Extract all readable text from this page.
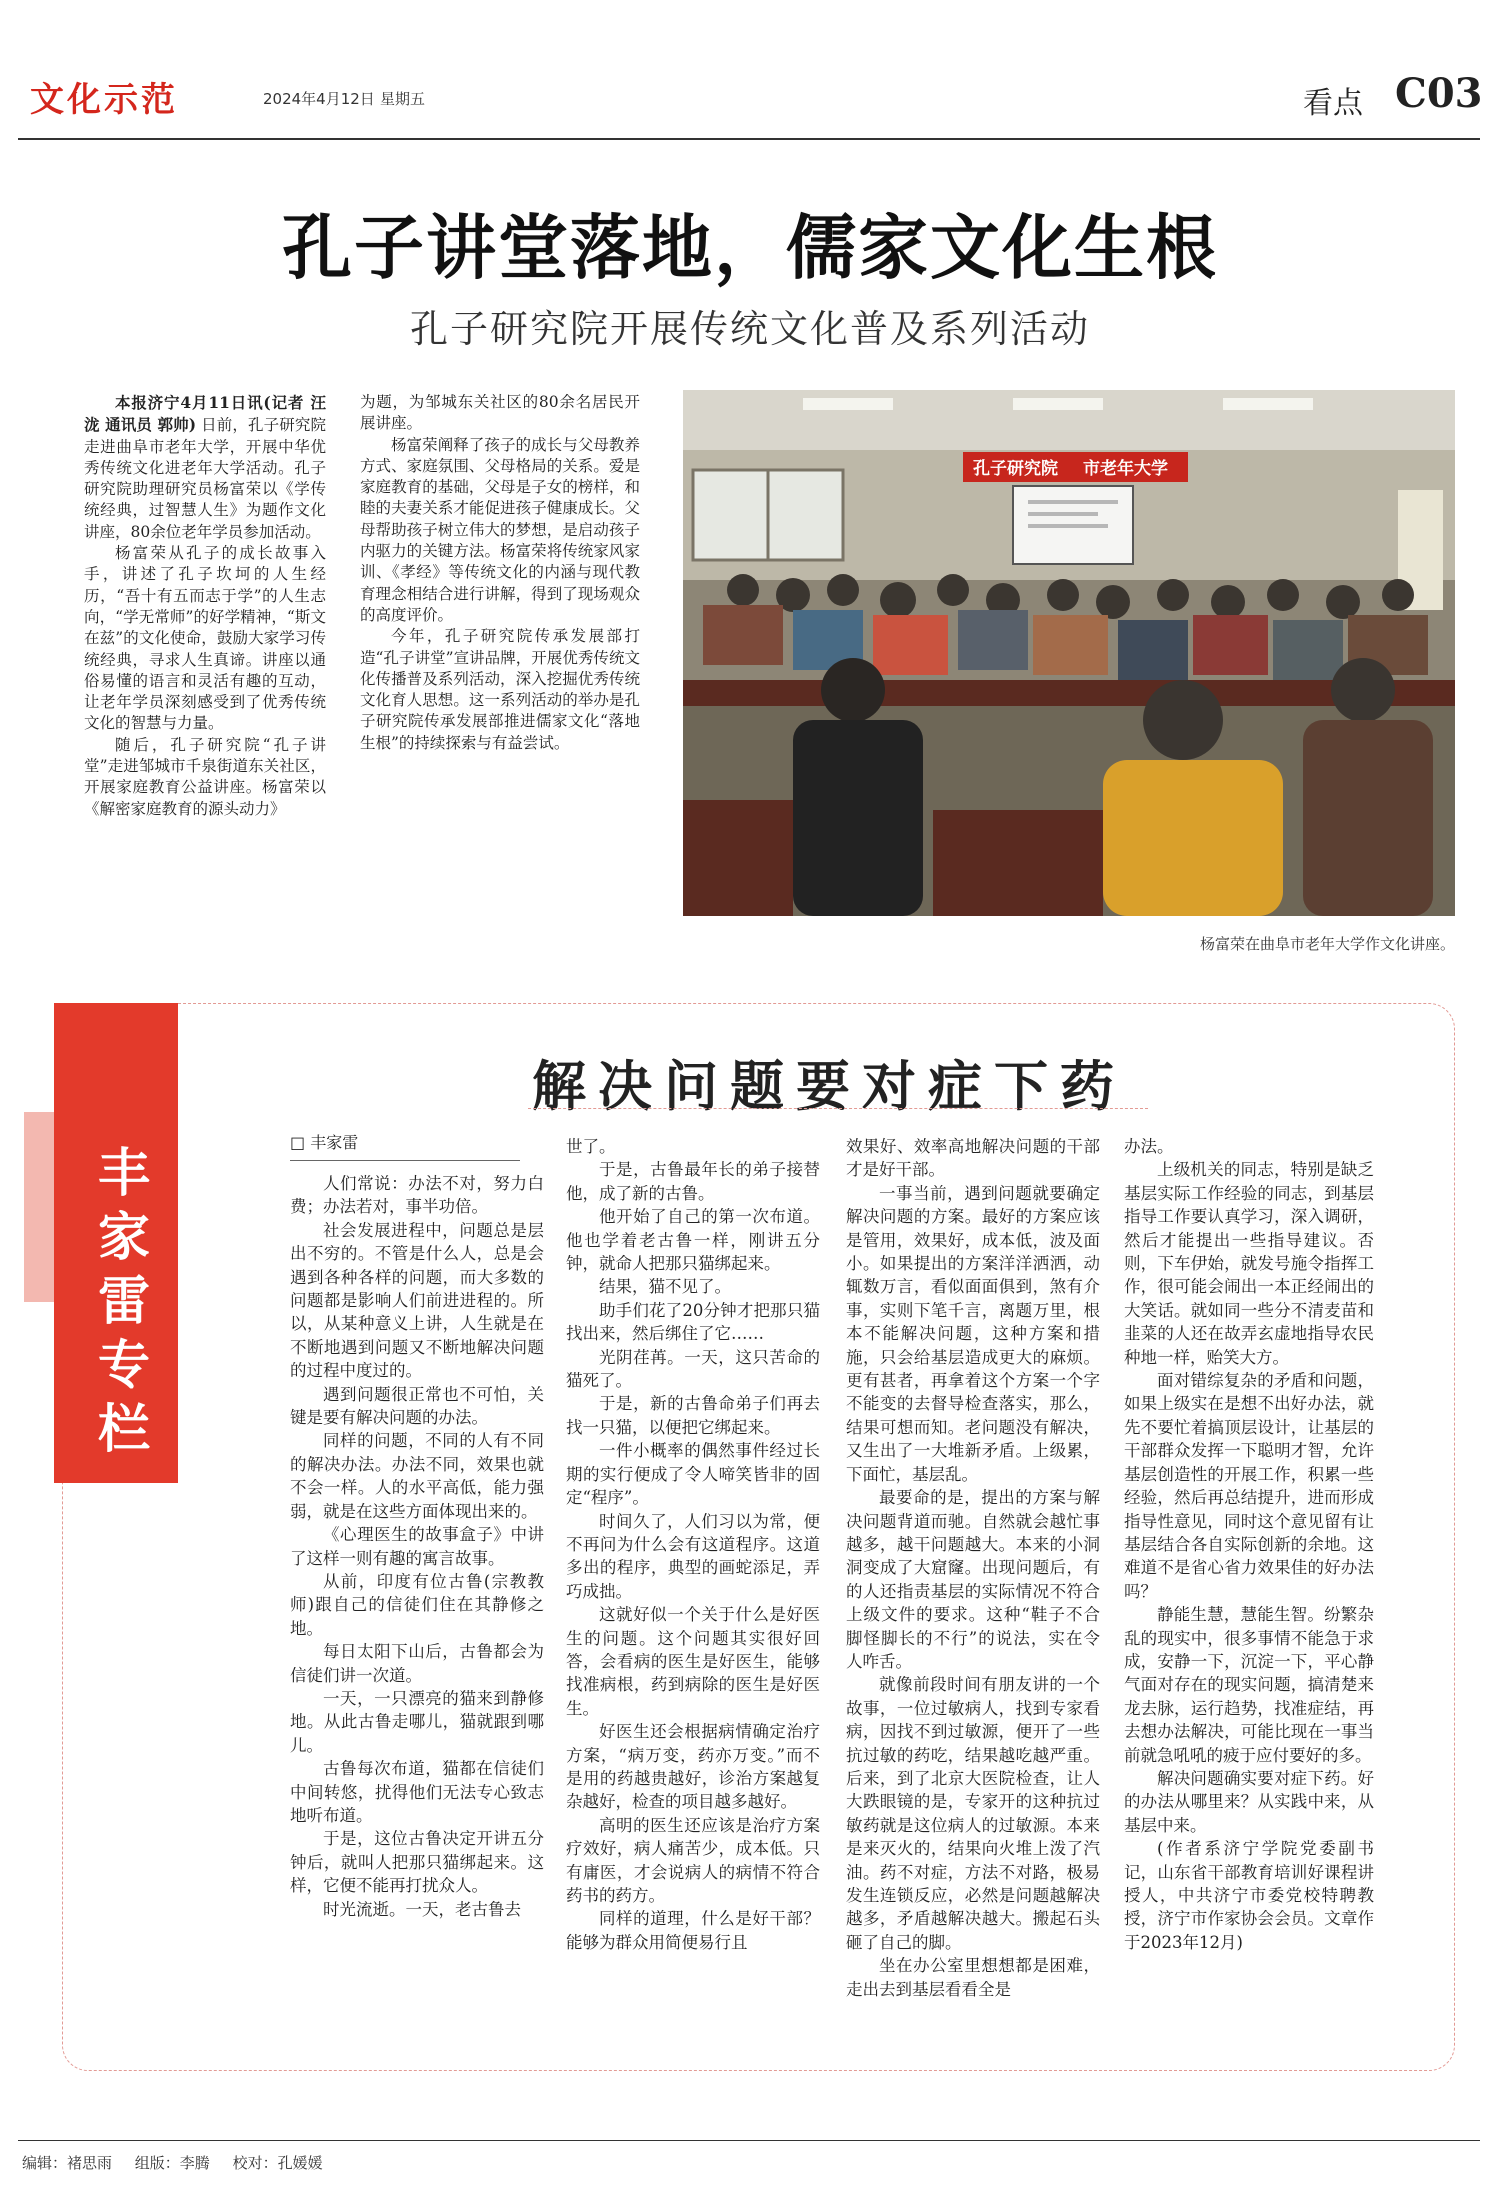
文化示范	2024年4月12日 星期五	看点 C03
孔子讲堂落地，儒家文化生根
孔子研究院开展传统文化普及系列活动

本报济宁4月11日讯(记者 汪泷 通讯员 郭帅) 日前，孔子研究院走进曲阜市老年大学，开展中华优秀传统文化进老年大学活动。孔子研究院助理研究员杨富荣以《学传统经典，过智慧人生》为题作文化讲座，80余位老年学员参加活动。

杨富荣从孔子的成长故事入手，讲述了孔子坎坷的人生经历，“吾十有五而志于学”的人生志向，“学无常师”的好学精神，“斯文在兹”的文化使命，鼓励大家学习传统经典，寻求人生真谛。讲座以通俗易懂的语言和灵活有趣的互动，让老年学员深刻感受到了优秀传统文化的智慧与力量。

随后，孔子研究院“孔子讲堂”走进邹城市千泉街道东关社区，开展家庭教育公益讲座。杨富荣以《解密家庭教育的源头动力》

为题，为邹城东关社区的80余名居民开展讲座。

杨富荣阐释了孩子的成长与父母教养方式、家庭氛围、父母格局的关系。爱是家庭教育的基础，父母是子女的榜样，和睦的夫妻关系才能促进孩子健康成长。父母帮助孩子树立伟大的梦想，是启动孩子内驱力的关键方法。杨富荣将传统家风家训、《孝经》等传统文化的内涵与现代教育理念相结合进行讲解，得到了现场观众的高度评价。

今年，孔子研究院传承发展部打造“孔子讲堂”宣讲品牌，开展优秀传统文化传播普及系列活动，深入挖掘优秀传统文化育人思想。这一系列活动的举办是孔子研究院传承发展部推进儒家文化“落地生根”的持续探索与有益尝试。

孔子研究院 市老年大学
杨富荣在曲阜市老年大学作文化讲座。
丰家雷专栏
解决问题要对症下药
□ 丰家雷

人们常说：办法不对，努力白费；办法若对，事半功倍。

社会发展进程中，问题总是层出不穷的。不管是什么人，总是会遇到各种各样的问题，而大多数的问题都是影响人们前进进程的。所以，从某种意义上讲，人生就是在不断地遇到问题又不断地解决问题的过程中度过的。

遇到问题很正常也不可怕，关键是要有解决问题的办法。

同样的问题，不同的人有不同的解决办法。办法不同，效果也就不会一样。人的水平高低，能力强弱，就是在这些方面体现出来的。

《心理医生的故事盒子》中讲了这样一则有趣的寓言故事。

从前，印度有位古鲁(宗教教师)跟自己的信徒们住在其静修之地。

每日太阳下山后，古鲁都会为信徒们讲一次道。

一天，一只漂亮的猫来到静修地。从此古鲁走哪儿，猫就跟到哪儿。

古鲁每次布道，猫都在信徒们中间转悠，扰得他们无法专心致志地听布道。

于是，这位古鲁决定开讲五分钟后，就叫人把那只猫绑起来。这样，它便不能再打扰众人。

时光流逝。一天，老古鲁去

世了。

于是，古鲁最年长的弟子接替他，成了新的古鲁。

他开始了自己的第一次布道。他也学着老古鲁一样，刚讲五分钟，就命人把那只猫绑起来。

结果，猫不见了。

助手们花了20分钟才把那只猫找出来，然后绑住了它……

光阴荏苒。一天，这只苦命的猫死了。

于是，新的古鲁命弟子们再去找一只猫，以便把它绑起来。

一件小概率的偶然事件经过长期的实行便成了令人啼笑皆非的固定“程序”。

时间久了，人们习以为常，便不再问为什么会有这道程序。这道多出的程序，典型的画蛇添足，弄巧成拙。

这就好似一个关于什么是好医生的问题。这个问题其实很好回答，会看病的医生是好医生，能够找准病根，药到病除的医生是好医生。

好医生还会根据病情确定治疗方案，“病万变，药亦万变。”而不是用的药越贵越好，诊治方案越复杂越好，检查的项目越多越好。

高明的医生还应该是治疗方案疗效好，病人痛苦少，成本低。只有庸医，才会说病人的病情不符合药书的药方。

同样的道理，什么是好干部？能够为群众用简便易行且

效果好、效率高地解决问题的干部才是好干部。

一事当前，遇到问题就要确定解决问题的方案。最好的方案应该是管用，效果好，成本低，波及面小。如果提出的方案洋洋洒洒，动辄数万言，看似面面俱到，煞有介事，实则下笔千言，离题万里，根本不能解决问题，这种方案和措施，只会给基层造成更大的麻烦。更有甚者，再拿着这个方案一个字不能变的去督导检查落实，那么，结果可想而知。老问题没有解决，又生出了一大堆新矛盾。上级累，下面忙，基层乱。

最要命的是，提出的方案与解决问题背道而驰。自然就会越忙事越多，越干问题越大。本来的小洞洞变成了大窟窿。出现问题后，有的人还指责基层的实际情况不符合上级文件的要求。这种“鞋子不合脚怪脚长的不行”的说法，实在令人咋舌。

就像前段时间有朋友讲的一个故事，一位过敏病人，找到专家看病，因找不到过敏源，便开了一些抗过敏的药吃，结果越吃越严重。后来，到了北京大医院检查，让人大跌眼镜的是，专家开的这种抗过敏药就是这位病人的过敏源。本来是来灭火的，结果向火堆上泼了汽油。药不对症，方法不对路，极易发生连锁反应，必然是问题越解决越多，矛盾越解决越大。搬起石头砸了自己的脚。

坐在办公室里想想都是困难，走出去到基层看看全是

办法。

上级机关的同志，特别是缺乏基层实际工作经验的同志，到基层指导工作要认真学习，深入调研，然后才能提出一些指导建议。否则，下车伊始，就发号施令指挥工作，很可能会闹出一本正经闹出的大笑话。就如同一些分不清麦苗和韭菜的人还在故弄玄虚地指导农民种地一样，贻笑大方。

面对错综复杂的矛盾和问题，如果上级实在是想不出好办法，就先不要忙着搞顶层设计，让基层的干部群众发挥一下聪明才智，允许基层创造性的开展工作，积累一些经验，然后再总结提升，进而形成指导性意见，同时这个意见留有让基层结合各自实际创新的余地。这难道不是省心省力效果佳的好办法吗？

静能生慧，慧能生智。纷繁杂乱的现实中，很多事情不能急于求成，安静一下，沉淀一下，平心静气面对存在的现实问题，搞清楚来龙去脉，运行趋势，找准症结，再去想办法解决，可能比现在一事当前就急吼吼的疲于应付要好的多。

解决问题确实要对症下药。好的办法从哪里来？从实践中来，从基层中来。

(作者系济宁学院党委副书记，山东省干部教育培训好课程讲授人，中共济宁市委党校特聘教授，济宁市作家协会会员。文章作于2023年12月)

编辑：褚思雨 组版：李腾 校对：孔媛媛
